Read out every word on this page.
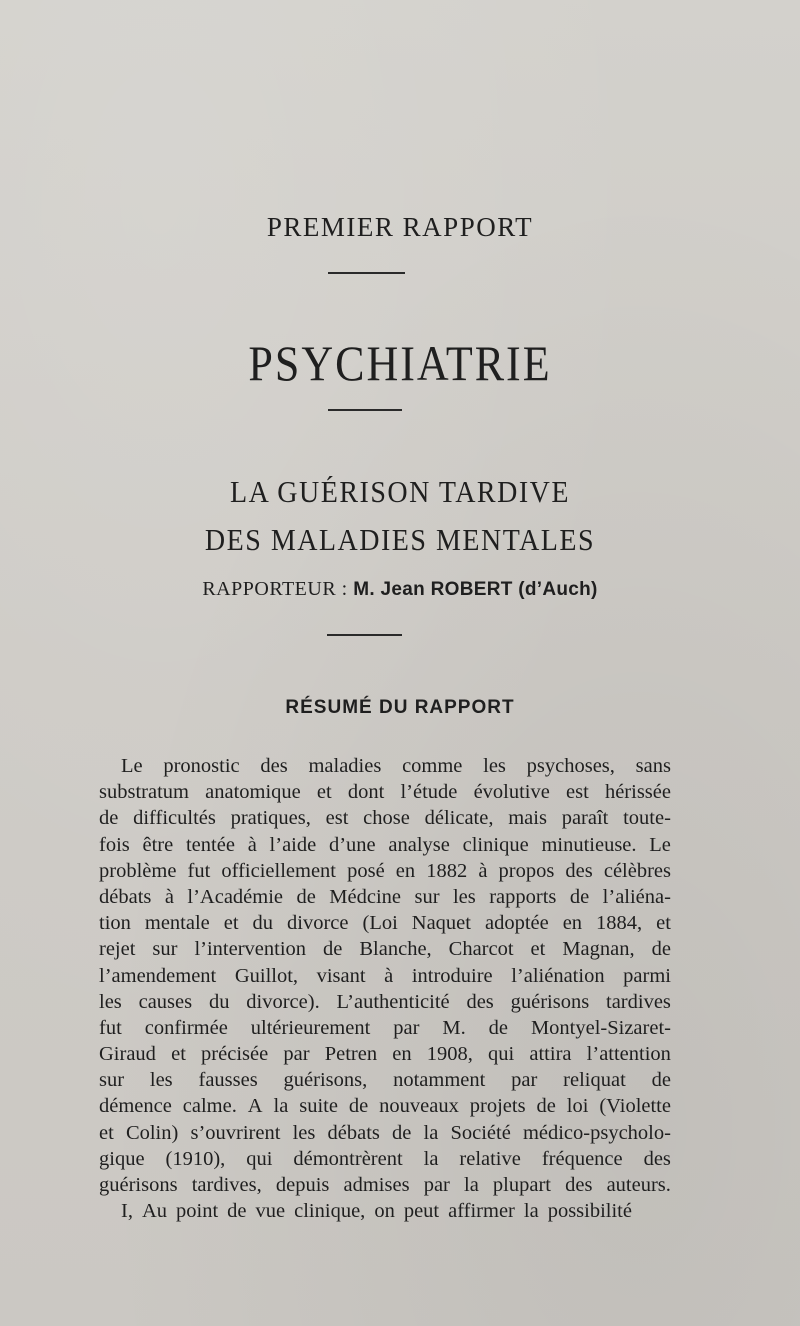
PREMIER RAPPORT
PSYCHIATRIE
LA GUÉRISON TARDIVE
DES MALADIES MENTALES
RAPPORTEUR : M. Jean ROBERT (d’Auch)
RÉSUMÉ DU RAPPORT
Le pronostic des maladies comme les psychoses, sans
substratum anatomique et dont l’étude évolutive est hérissée
de difficultés pratiques, est chose délicate, mais paraît toute-
fois être tentée à l’aide d’une analyse clinique minutieuse. Le
problème fut officiellement posé en 1882 à propos des célèbres
débats à l’Académie de Médcine sur les rapports de l’aliéna-
tion mentale et du divorce (Loi Naquet adoptée en 1884, et
rejet sur l’intervention de Blanche, Charcot et Magnan, de
l’amendement Guillot, visant à introduire l’aliénation parmi
les causes du divorce). L’authenticité des guérisons tardives
fut confirmée ultérieurement par M. de Montyel-Sizaret-
Giraud et précisée par Petren en 1908, qui attira l’attention
sur les fausses guérisons, notamment par reliquat de
démence calme. A la suite de nouveaux projets de loi (Violette
et Colin) s’ouvrirent les débats de la Société médico-psycholo-
gique (1910), qui démontrèrent la relative fréquence des
guérisons tardives, depuis admises par la plupart des auteurs.
I, Au point de vue clinique, on peut affirmer la possibilité
